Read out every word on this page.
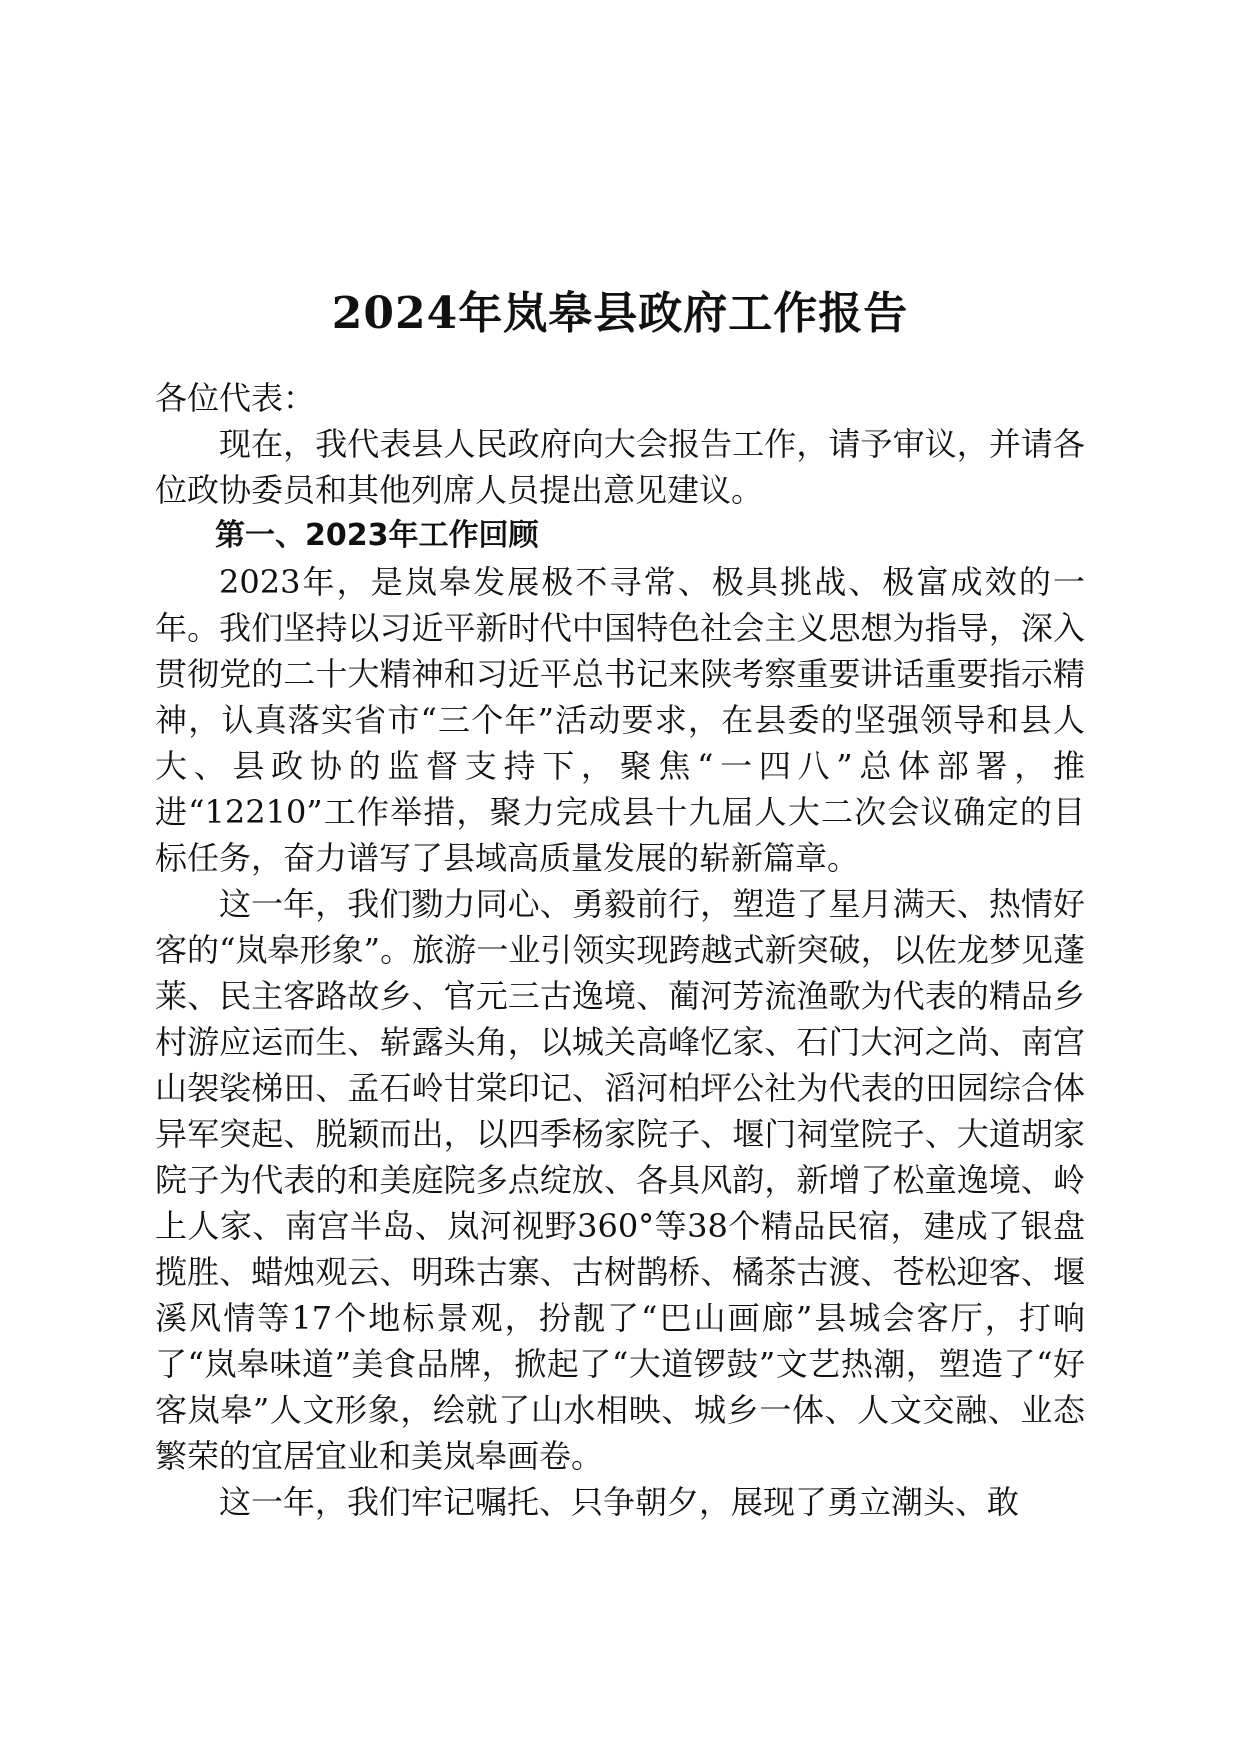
2024年岚皋县政府工作报告

各位代表：

现在，我代表县人民政府向大会报告工作，请予审议，并请各位政协委员和其他列席人员提出意见建议。

第一、2023年工作回顾

2023年，是岚皋发展极不寻常、极具挑战、极富成效的一年。我们坚持以习近平新时代中国特色社会主义思想为指导，深入贯彻党的二十大精神和习近平总书记来陕考察重要讲话重要指示精神，认真落实省市“三个年”活动要求，在县委的坚强领导和县人大、县政协的监督支持下，聚焦“一四八”总体部署，推进“12210”工作举措，聚力完成县十九届人大二次会议确定的目标任务，奋力谱写了县域高质量发展的崭新篇章。

这一年，我们勠力同心、勇毅前行，塑造了星月满天、热情好客的“岚皋形象”。旅游一业引领实现跨越式新突破，以佐龙梦见蓬莱、民主客路故乡、官元三古逸境、蔺河芳流渔歌为代表的精品乡村游应运而生、崭露头角，以城关高峰忆家、石门大河之尚、南宫山袈裟梯田、孟石岭甘棠印记、滔河柏坪公社为代表的田园综合体异军突起、脱颖而出，以四季杨家院子、堰门祠堂院子、大道胡家院子为代表的和美庭院多点绽放、各具风韵，新增了松童逸境、岭上人家、南宫半岛、岚河视野360°等38个精品民宿，建成了银盘揽胜、蜡烛观云、明珠古寨、古树鹊桥、橘茶古渡、苍松迎客、堰溪风情等17个地标景观，扮靓了“巴山画廊”县城会客厅，打响了“岚皋味道”美食品牌，掀起了“大道锣鼓”文艺热潮，塑造了“好客岚皋”人文形象，绘就了山水相映、城乡一体、人文交融、业态繁荣的宜居宜业和美岚皋画卷。

这一年，我们牢记嘱托、只争朝夕，展现了勇立潮头、敢
